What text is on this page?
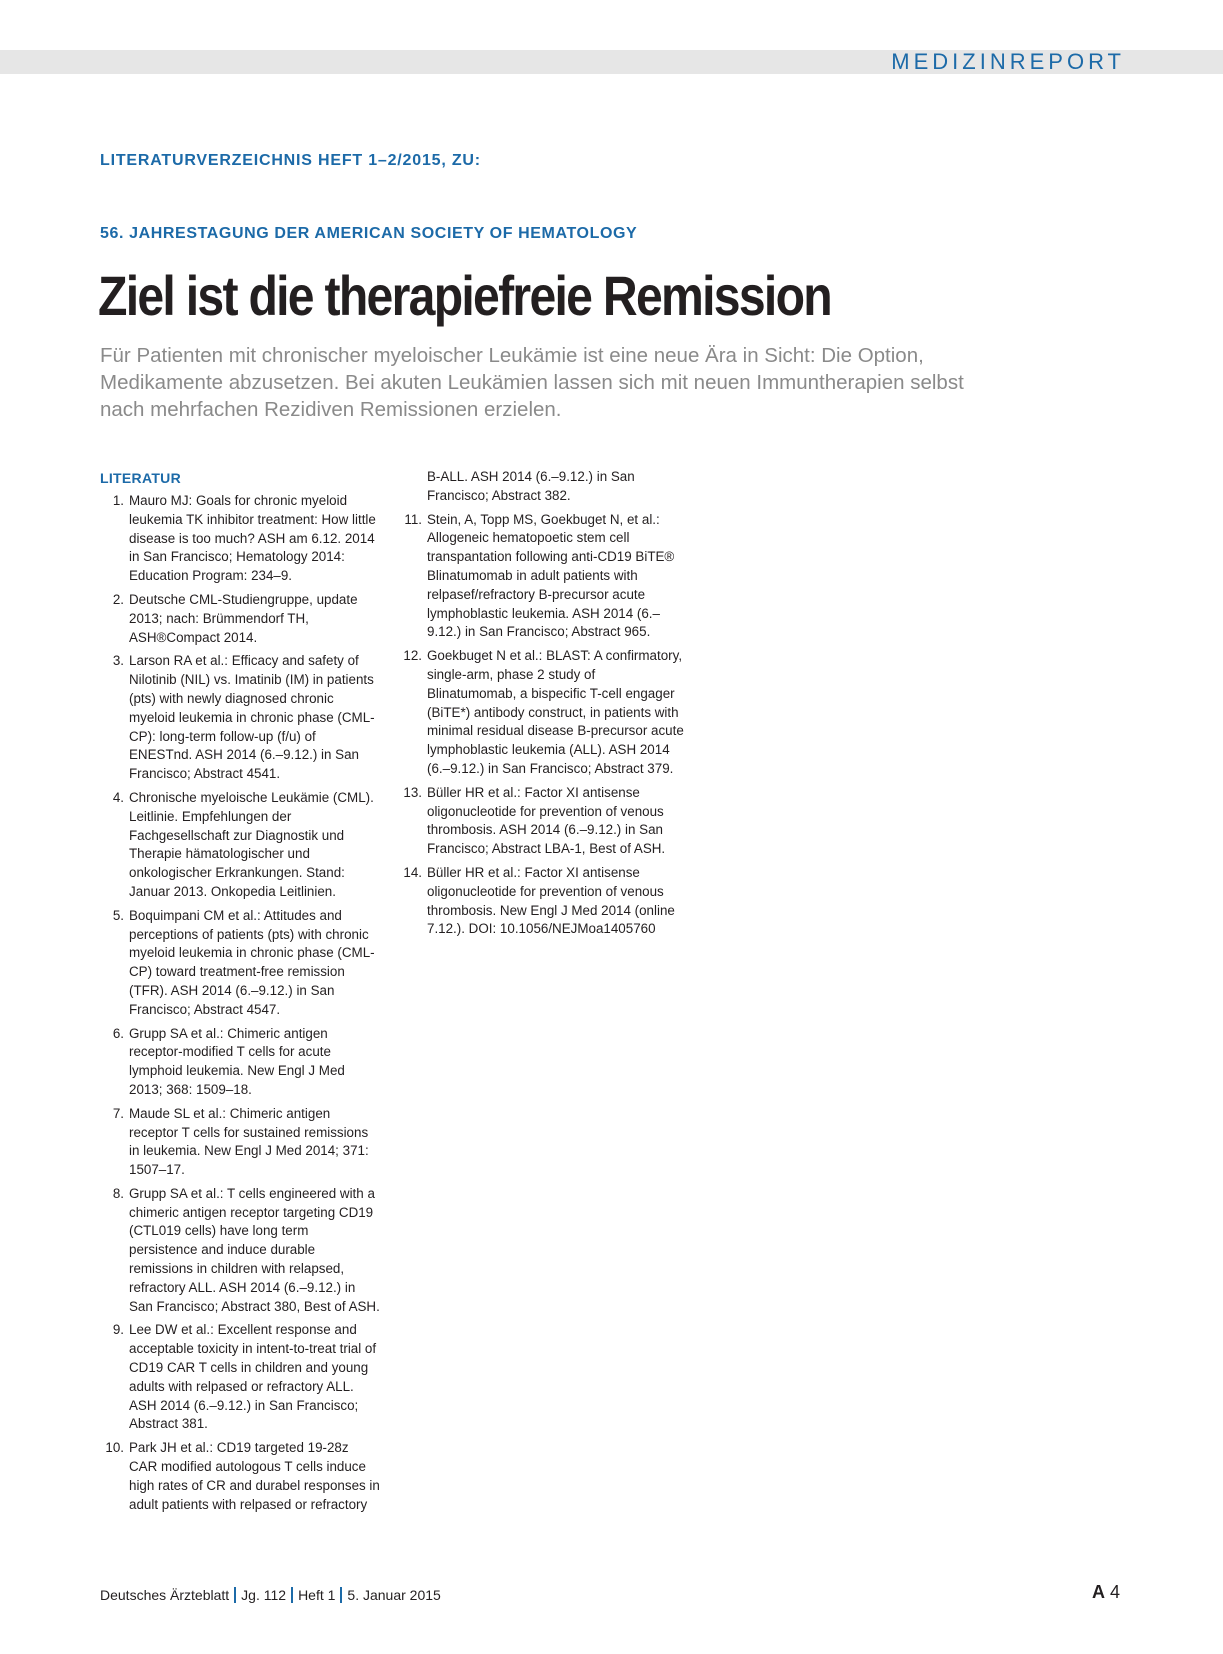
MEDIZINREPORT
LITERATURVERZEICHNIS HEFT 1–2/2015, ZU:
56. JAHRESTAGUNG DER AMERICAN SOCIETY OF HEMATOLOGY
Ziel ist die therapiefreie Remission

Für Patienten mit chronischer myeloischer Leukämie ist eine neue Ära in Sicht: Die Option, Medikamente abzusetzen. Bei akuten Leukämien lassen sich mit neuen Immuntherapien selbst nach mehrfachen Rezidiven Remissionen erzielen.

LITERATUR
1. Mauro MJ: Goals for chronic myeloid leukemia TK inhibitor treatment: How little disease is too much? ASH am 6.12. 2014 in San Francisco; Hematology 2014: Education Program: 234–9.
2. Deutsche CML-Studiengruppe, update 2013; nach: Brümmendorf TH, ASH®Compact 2014.
3. Larson RA et al.: Efficacy and safety of Nilotinib (NIL) vs. Imatinib (IM) in patients (pts) with newly diagnosed chronic myeloid leukemia in chronic phase (CML-CP): long-term follow-up (f/u) of ENESTnd. ASH 2014 (6.–9.12.) in San Francisco; Abstract 4541.
4. Chronische myeloische Leukämie (CML). Leitlinie. Empfehlungen der Fachgesellschaft zur Diagnostik und Therapie hämatologischer und onkologischer Erkrankungen. Stand: Januar 2013. Onkopedia Leitlinien.
5. Boquimpani CM et al.: Attitudes and perceptions of patients (pts) with chronic myeloid leukemia in chronic phase (CML-CP) toward treatment-free remission (TFR). ASH 2014 (6.–9.12.) in San Francisco; Abstract 4547.
6. Grupp SA et al.: Chimeric antigen receptor-modified T cells for acute lymphoid leukemia. New Engl J Med 2013; 368: 1509–18.
7. Maude SL et al.: Chimeric antigen receptor T cells for sustained remissions in leukemia. New Engl J Med 2014; 371: 1507–17.
8. Grupp SA et al.: T cells engineered with a chimeric antigen receptor targeting CD19 (CTL019 cells) have long term persistence and induce durable remissions in children with relapsed, refractory ALL. ASH 2014 (6.–9.12.) in San Francisco; Abstract 380, Best of ASH.
9. Lee DW et al.: Excellent response and acceptable toxicity in intent-to-treat trial of CD19 CAR T cells in children and young adults with relpased or refractory ALL. ASH 2014 (6.–9.12.) in San Francisco; Abstract 381.
10. Park JH et al.: CD19 targeted 19-28z CAR modified autologous T cells induce high rates of CR and durabel responses in adult patients with relpased or refractory
B-ALL. ASH 2014 (6.–9.12.) in San Francisco; Abstract 382.
11. Stein, A, Topp MS, Goekbuget N, et al.: Allogeneic hematopoetic stem cell transpantation following anti-CD19 BiTE® Blinatumomab in adult patients with relpasef/refractory B-precursor acute lymphoblastic leukemia. ASH 2014 (6.–9.12.) in San Francisco; Abstract 965.
12. Goekbuget N et al.: BLAST: A confirmatory, single-arm, phase 2 study of Blinatumomab, a bispecific T-cell engager (BiTE*) antibody construct, in patients with minimal residual disease B-precursor acute lymphoblastic leukemia (ALL). ASH 2014 (6.–9.12.) in San Francisco; Abstract 379.
13. Büller HR et al.: Factor XI antisense oligonucleotide for prevention of venous thrombosis. ASH 2014 (6.–9.12.) in San Francisco; Abstract LBA-1, Best of ASH.
14. Büller HR et al.: Factor XI antisense oligonucleotide for prevention of venous thrombosis. New Engl J Med 2014 (online 7.12.). DOI: 10.1056/NEJMoa1405760
Deutsches Ärzteblatt Jg. 112 Heft 1 5. Januar 2015	A 4
